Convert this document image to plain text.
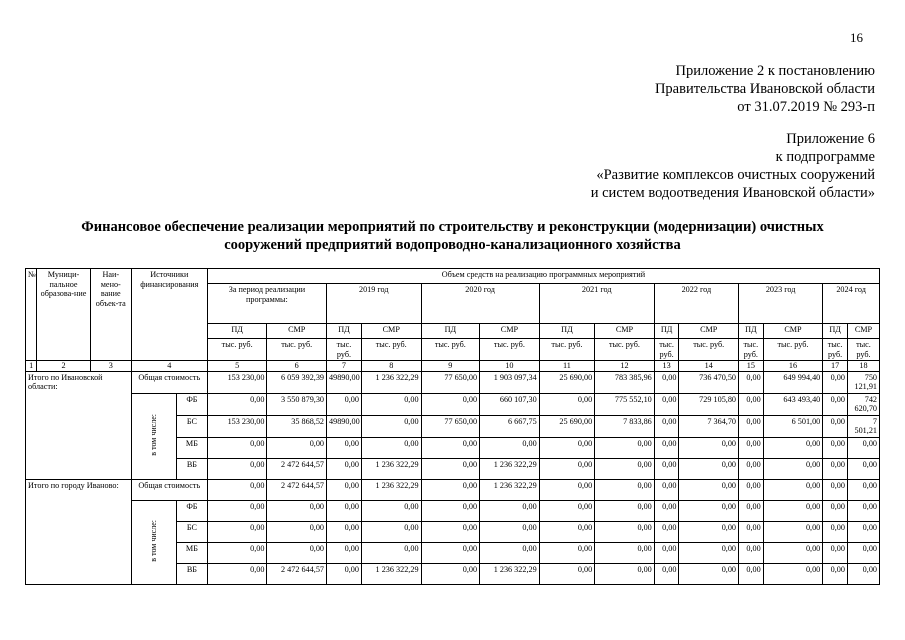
16
Приложение 2 к постановлению
Правительства Ивановской области
от 31.07.2019 № 293-п
Приложение 6
к подпрограмме
«Развитие комплексов очистных сооружений
и систем водоотведения Ивановской области»
Финансовое обеспечение реализации мероприятий по строительству и реконструкции (модернизации) очистных
сооружений предприятий водопроводно-канализационного хозяйства
№	Муници-пальное образова-ние	Наи-мено-вание объек-та	Источники финансирования		Объем средств на реализацию программных мероприятий													
					За период реализации программы:		2019 год		2020 год		2021 год		2022 год		2023 год		2024 год	
					ПД	СМР	ПД	СМР	ПД	СМР	ПД	СМР	ПД	СМР	ПД	СМР	ПД	СМР
					тыс. руб.	тыс. руб.	тыс. руб.	тыс. руб.	тыс. руб.	тыс. руб.	тыс. руб.	тыс. руб.	тыс. руб.	тыс. руб.	тыс. руб.	тыс. руб.	тыс. руб.	тыс. руб.
1	2	3	4		5	6	7	8	9	10	11	12	13	14	15	16	17	18
Итого по Ивановской области:			Общая стоимость		153 230,00	6 059 392,39	49890,00	1 236 322,29	77 650,00	1 903 097,34	25 690,00	783 385,96	0,00	736 470,50	0,00	649 994,40	0,00	750 121,91
			в том числе:	ФБ	0,00	3 550 879,30	0,00	0,00	0,00	660 107,30	0,00	775 552,10	0,00	729 105,80	0,00	643 493,40	0,00	742 620,70
				БС	153 230,00	35 868,52	49890,00	0,00	77 650,00	6 667,75	25 690,00	7 833,86	0,00	7 364,70	0,00	6 501,00	0,00	7 501,21
				МБ	0,00	0,00	0,00	0,00	0,00	0,00	0,00	0,00	0,00	0,00	0,00	0,00	0,00	0,00
				ВБ	0,00	2 472 644,57	0,00	1 236 322,29	0,00	1 236 322,29	0,00	0,00	0,00	0,00	0,00	0,00	0,00	0,00
Итого по городу Иваново:			Общая стоимость		0,00	2 472 644,57	0,00	1 236 322,29	0,00	1 236 322,29	0,00	0,00	0,00	0,00	0,00	0,00	0,00	0,00
			в том числе:	ФБ	0,00	0,00	0,00	0,00	0,00	0,00	0,00	0,00	0,00	0,00	0,00	0,00	0,00	0,00
				БС	0,00	0,00	0,00	0,00	0,00	0,00	0,00	0,00	0,00	0,00	0,00	0,00	0,00	0,00
				МБ	0,00	0,00	0,00	0,00	0,00	0,00	0,00	0,00	0,00	0,00	0,00	0,00	0,00	0,00
				ВБ	0,00	2 472 644,57	0,00	1 236 322,29	0,00	1 236 322,29	0,00	0,00	0,00	0,00	0,00	0,00	0,00	0,00
